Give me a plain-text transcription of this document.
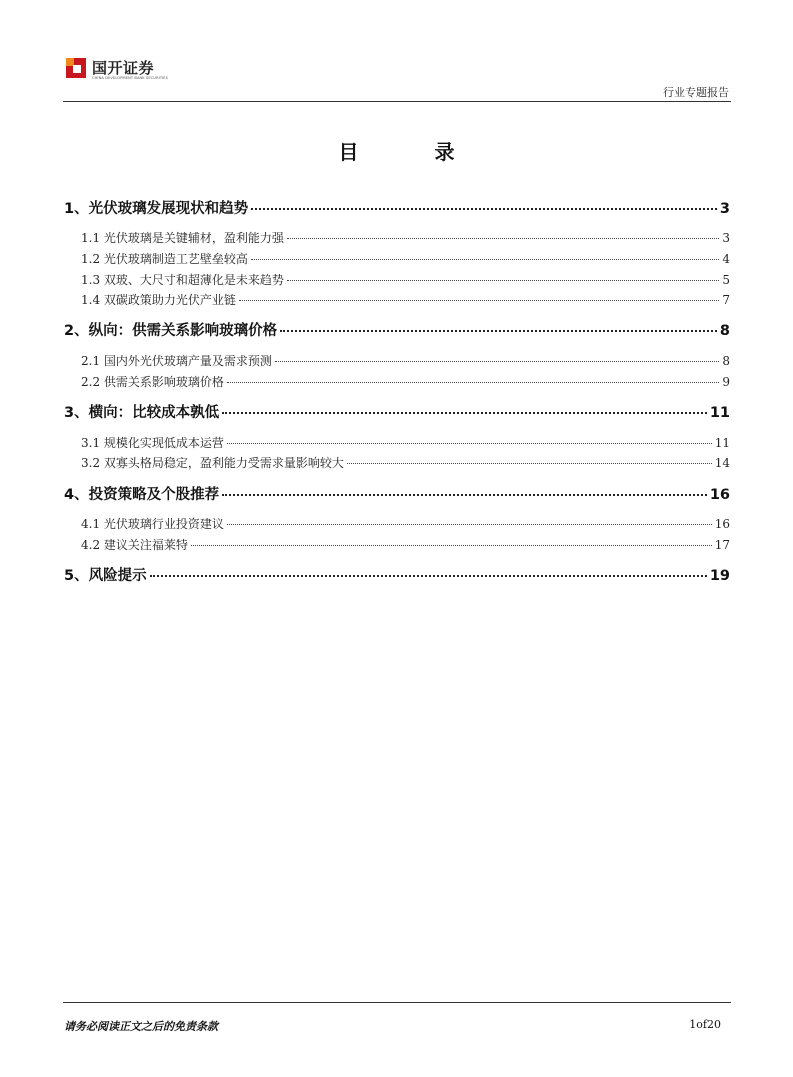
国开证券
CHINA DEVELOPMENT BANK SECURITIES
行业专题报告
目录
1、光伏玻璃发展现状和趋势	3
1.1 光伏玻璃是关键辅材，盈利能力强	3
1.2 光伏玻璃制造工艺壁垒较高	4
1.3 双玻、大尺寸和超薄化是未来趋势	5
1.4 双碳政策助力光伏产业链	7
2、纵向：供需关系影响玻璃价格	8
2.1 国内外光伏玻璃产量及需求预测	8
2.2 供需关系影响玻璃价格	9
3、横向：比较成本孰低	11
3.1 规模化实现低成本运营	11
3.2 双寡头格局稳定，盈利能力受需求量影响较大	14
4、投资策略及个股推荐	16
4.1 光伏玻璃行业投资建议	16
4.2 建议关注福莱特	17
5、风险提示	19
请务必阅读正文之后的免责条款	1of20
